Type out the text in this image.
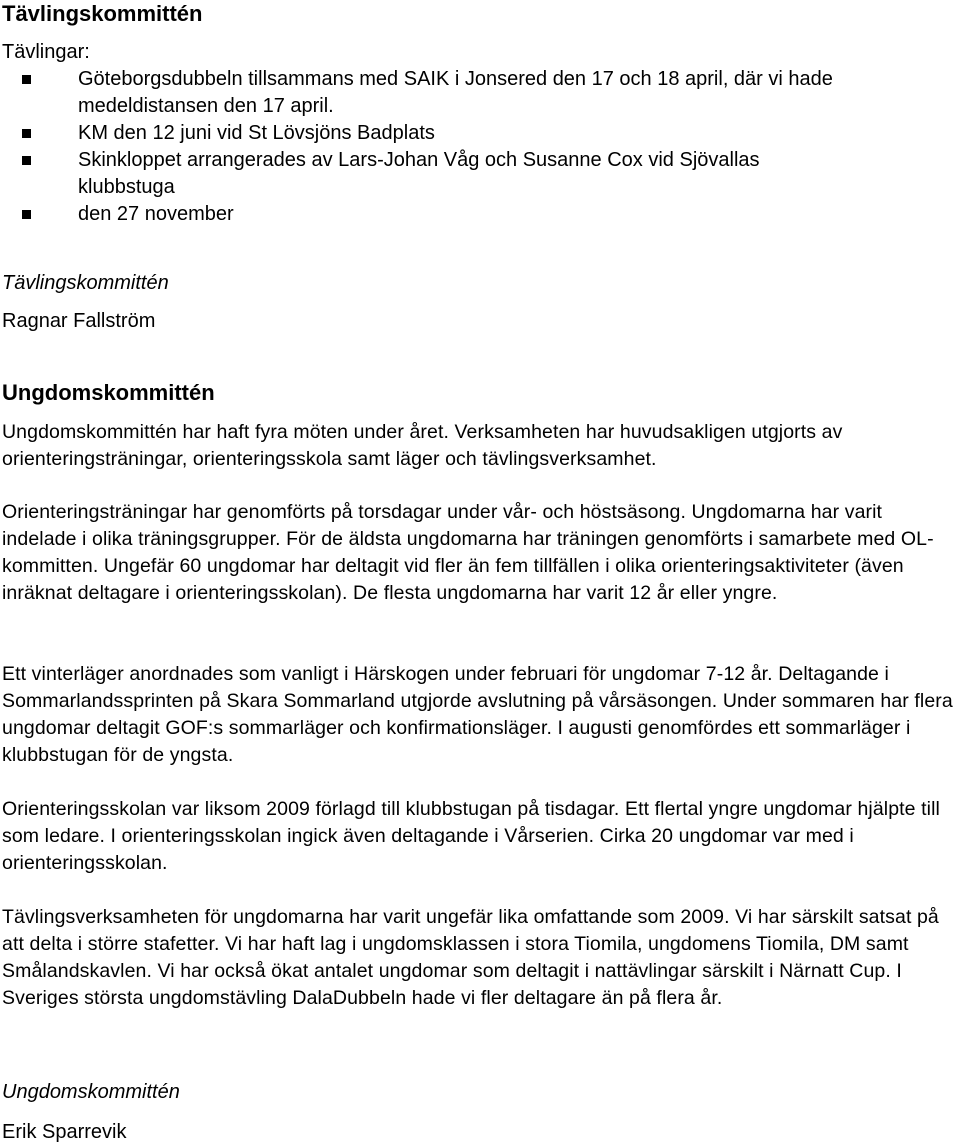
Tävlingskommittén
Tävlingar:
Göteborgsdubbeln tillsammans med SAIK i Jonsered den 17 och 18 april, där vi hade
medeldistansen den 17 april.
KM den 12 juni vid St Lövsjöns Badplats
Skinkloppet arrangerades av Lars-Johan Våg och Susanne Cox vid Sjövallas
klubbstuga
den 27 november
Tävlingskommittén
Ragnar Fallström
Ungdomskommittén

Ungdomskommittén har haft fyra möten under året. Verksamheten har huvudsakligen utgjorts av orienteringsträningar, orienteringsskola samt läger och tävlingsverksamhet.

Orienteringsträningar har genomförts på torsdagar under vår- och höstsäsong. Ungdomarna har varit indelade i olika träningsgrupper. För de äldsta ungdomarna har träningen genomförts i samarbete med OL-kommitten. Ungefär 60 ungdomar har deltagit vid fler än fem tillfällen i olika orienteringsaktiviteter (även inräknat deltagare i orienteringsskolan). De flesta ungdomarna har varit 12 år eller yngre.

Ett vinterläger anordnades som vanligt i Härskogen under februari för ungdomar 7-12 år. Deltagande i Sommarlandssprinten på Skara Sommarland utgjorde avslutning på vårsäsongen. Under sommaren har flera ungdomar deltagit GOF:s sommarläger och konfirmationsläger. I augusti genomfördes ett sommarläger i klubbstugan för de yngsta.

Orienteringsskolan var liksom 2009 förlagd till klubbstugan på tisdagar. Ett flertal yngre ungdomar hjälpte till som ledare. I orienteringsskolan ingick även deltagande i Vårserien. Cirka 20 ungdomar var med i orienteringsskolan.

Tävlingsverksamheten för ungdomarna har varit ungefär lika omfattande som 2009. Vi har särskilt satsat på att delta i större stafetter. Vi har haft lag i ungdomsklassen i stora Tiomila, ungdomens Tiomila, DM samt Smålandskavlen. Vi har också ökat antalet ungdomar som deltagit i nattävlingar särskilt i Närnatt Cup. I Sveriges största ungdomstävling DalaDubbeln hade vi fler deltagare än på flera år.

Ungdomskommittén
Erik Sparrevik
